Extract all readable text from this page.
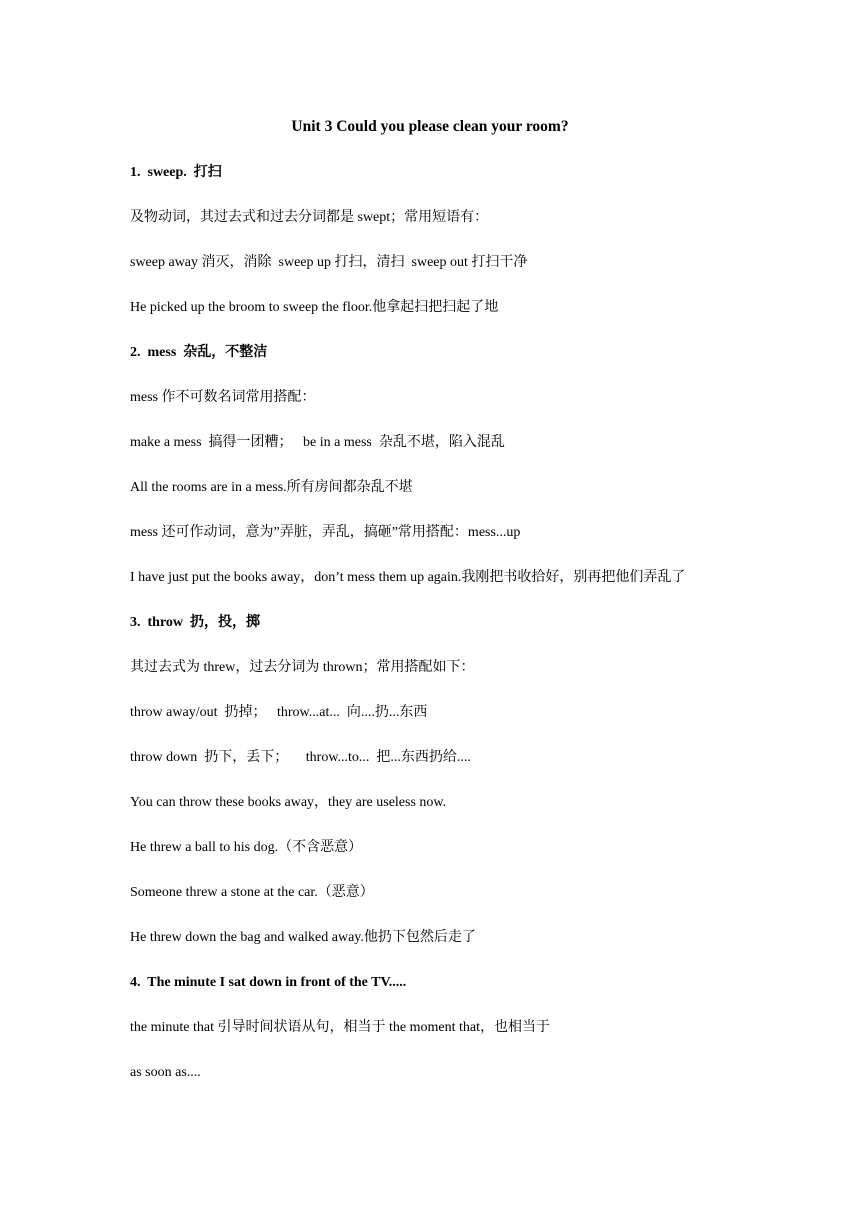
Unit 3 Could you please clean your room?
1.  sweep.  打扫
及物动词，其过去式和过去分词都是 swept；常用短语有：
sweep away 消灭，消除  sweep up 打扫，清扫  sweep out 打扫干净
He picked up the broom to sweep the floor.他拿起扫把扫起了地
2.  mess  杂乱，不整洁
mess 作不可数名词常用搭配：
make a mess  搞得一团糟；   be in a mess  杂乱不堪，陷入混乱
All the rooms are in a mess.所有房间都杂乱不堪
mess 还可作动词，意为”弄脏，弄乱，搞砸”常用搭配：mess...up
I have just put the books away，don’t mess them up again.我刚把书收拾好，别再把他们弄乱了
3.  throw  扔，投，掷
其过去式为 threw，过去分词为 thrown；常用搭配如下：
throw away/out  扔掉；   throw...at...  向....扔...东西
throw down  扔下，丢下；     throw...to...  把...东西扔给....
You can throw these books away，they are useless now.
He threw a ball to his dog.（不含恶意）
Someone threw a stone at the car.（恶意）
He threw down the bag and walked away.他扔下包然后走了
4.  The minute I sat down in front of the TV.....
the minute that 引导时间状语从句，相当于 the moment that，也相当于
as soon as....
